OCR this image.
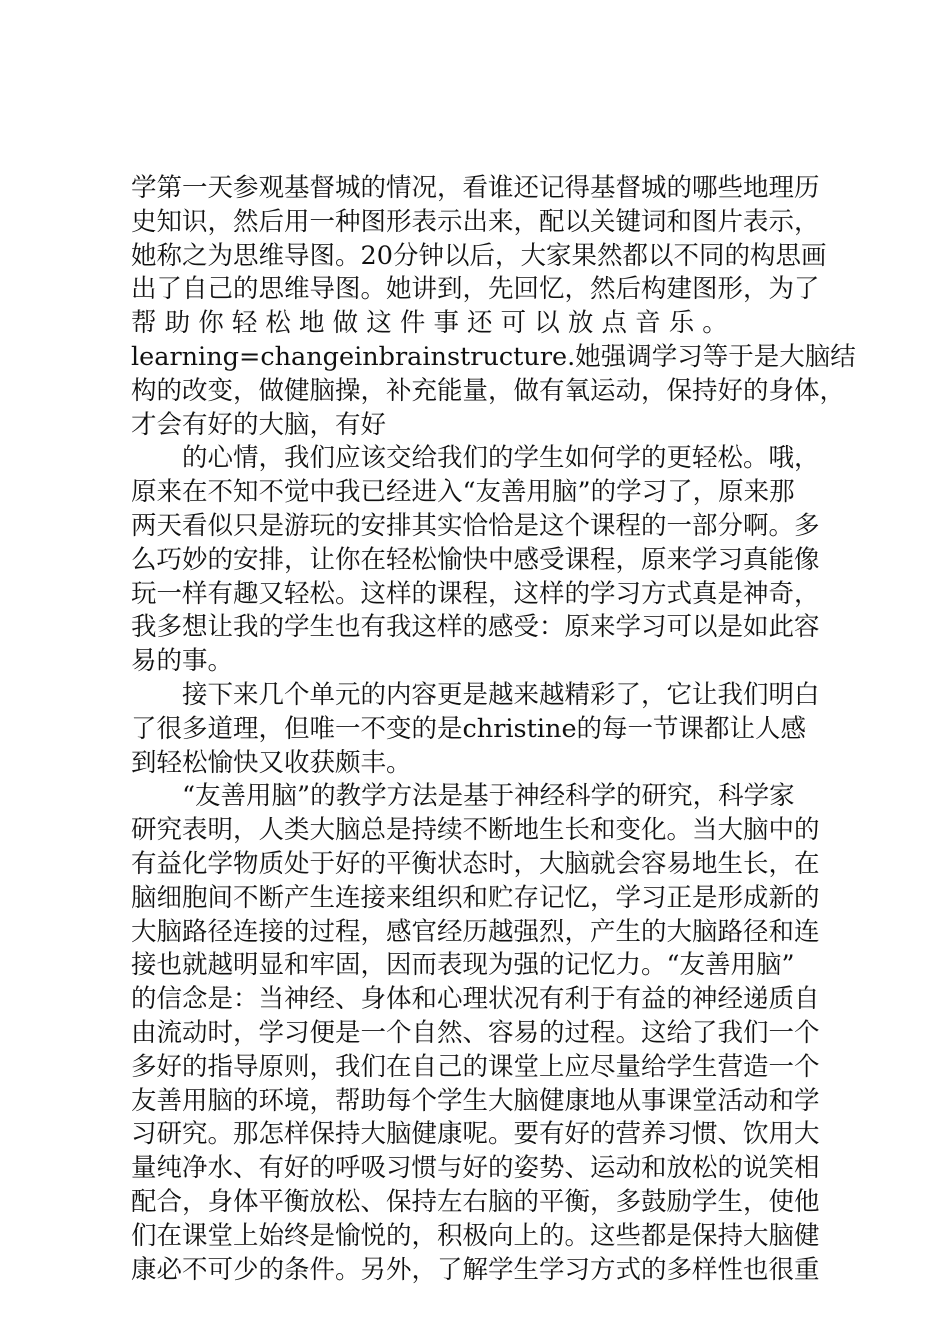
学第一天参观基督城的情况，看谁还记得基督城的哪些地理历
史知识，然后用一种图形表示出来，配以关键词和图片表示，
她称之为思维导图。20分钟以后，大家果然都以不同的构思画
出了自己的思维导图。她讲到，先回忆，然后构建图形，为了
帮 助 你 轻 松 地 做 这 件 事 还 可 以 放 点 音 乐 。
learning=changeinbrainstructure.她强调学习等于是大脑结
构的改变，做健脑操，补充能量，做有氧运动，保持好的身体，
才会有好的大脑，有好
的心情，我们应该交给我们的学生如何学的更轻松。哦，
原来在不知不觉中我已经进入“友善用脑”的学习了，原来那
两天看似只是游玩的安排其实恰恰是这个课程的一部分啊。多
么巧妙的安排，让你在轻松愉快中感受课程，原来学习真能像
玩一样有趣又轻松。这样的课程，这样的学习方式真是神奇，
我多想让我的学生也有我这样的感受：原来学习可以是如此容
易的事。
接下来几个单元的内容更是越来越精彩了，它让我们明白
了很多道理，但唯一不变的是christine的每一节课都让人感
到轻松愉快又收获颇丰。
“友善用脑”的教学方法是基于神经科学的研究，科学家
研究表明，人类大脑总是持续不断地生长和变化。当大脑中的
有益化学物质处于好的平衡状态时，大脑就会容易地生长，在
脑细胞间不断产生连接来组织和贮存记忆，学习正是形成新的
大脑路径连接的过程，感官经历越强烈，产生的大脑路径和连
接也就越明显和牢固，因而表现为强的记忆力。“友善用脑”
的信念是：当神经、身体和心理状况有利于有益的神经递质自
由流动时，学习便是一个自然、容易的过程。这给了我们一个
多好的指导原则，我们在自己的课堂上应尽量给学生营造一个
友善用脑的环境，帮助每个学生大脑健康地从事课堂活动和学
习研究。那怎样保持大脑健康呢。要有好的营养习惯、饮用大
量纯净水、有好的呼吸习惯与好的姿势、运动和放松的说笑相
配合，身体平衡放松、保持左右脑的平衡，多鼓励学生，使他
们在课堂上始终是愉悦的，积极向上的。这些都是保持大脑健
康必不可少的条件。另外，了解学生学习方式的多样性也很重
